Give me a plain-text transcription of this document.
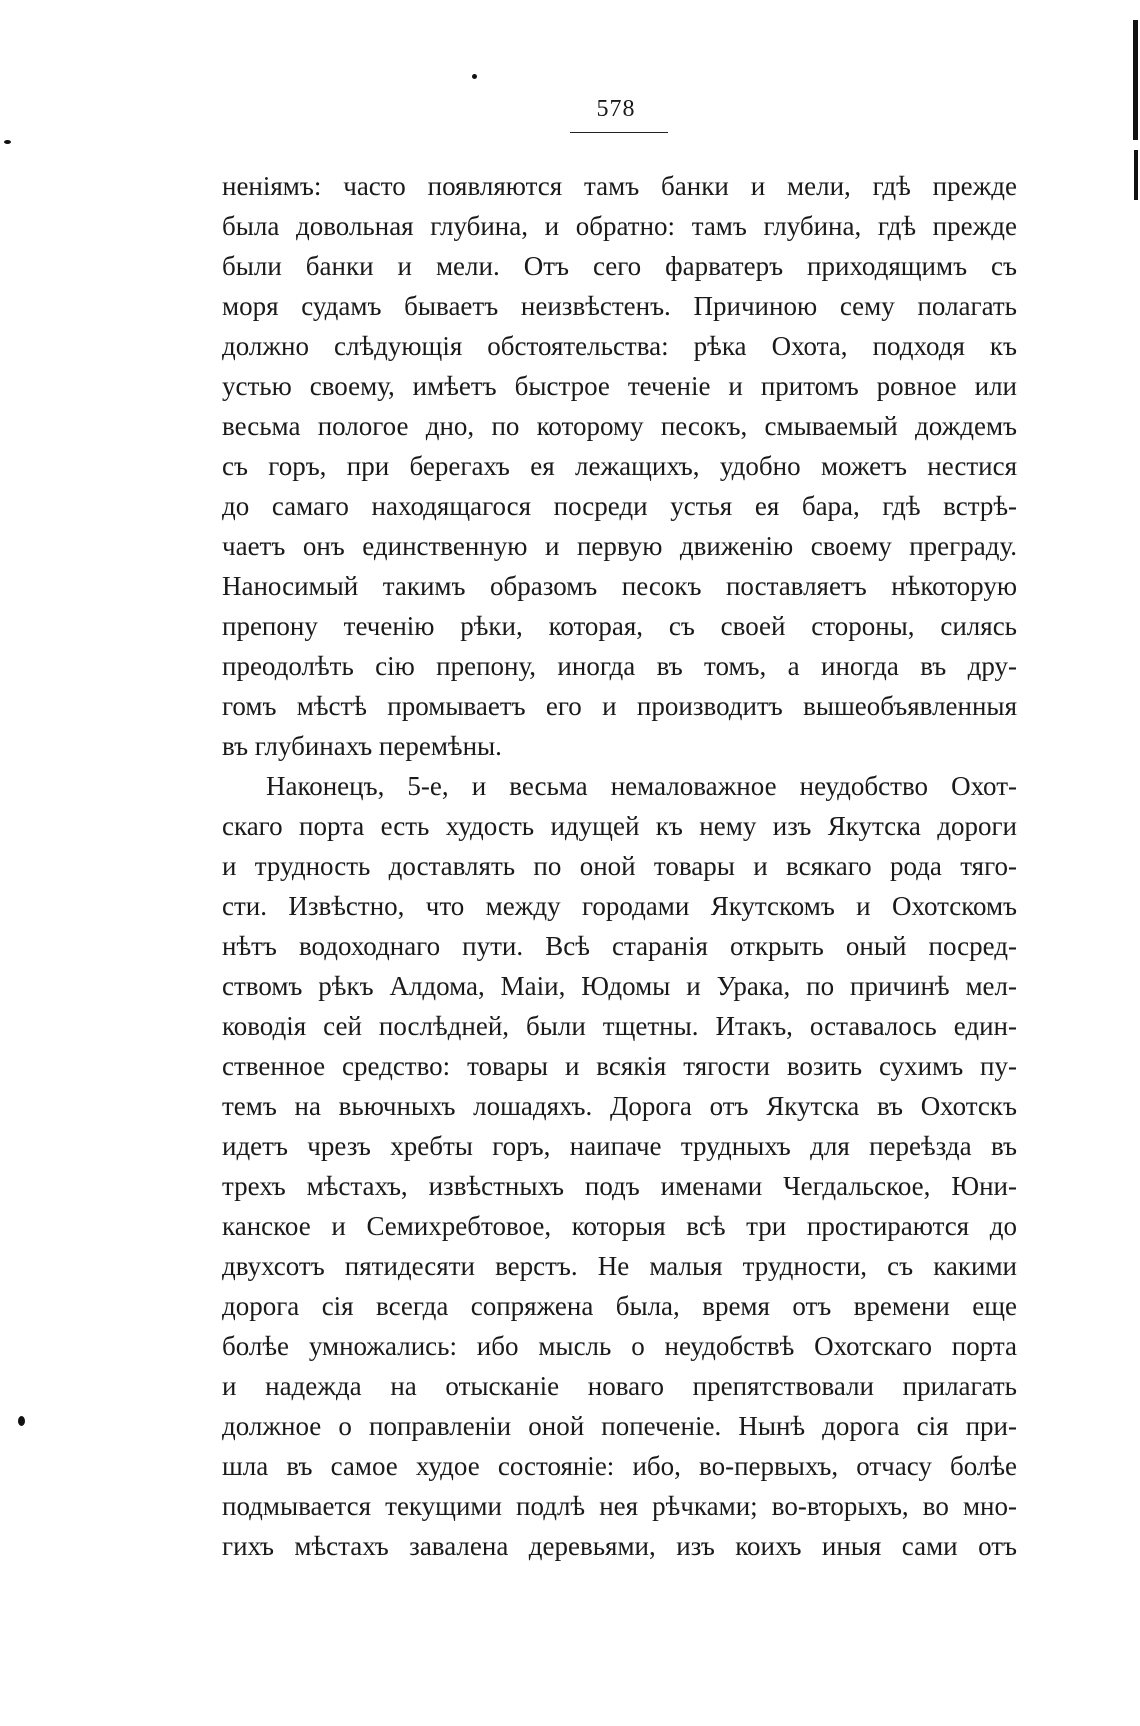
578
неніямъ: часто появляются тамъ банки и мели, гдѣ прежде
была довольная глубина, и обратно: тамъ глубина, гдѣ прежде
были банки и мели. Отъ сего фарватеръ приходящимъ съ
моря судамъ бываетъ неизвѣстенъ. Причиною сему полагать
должно слѣдующія обстоятельства: рѣка Охота, подходя къ
устью своему, имѣетъ быстрое теченіе и притомъ ровное или
весьма пологое дно, по которому песокъ, смываемый дождемъ
съ горъ, при берегахъ ея лежащихъ, удобно можетъ нестися
до самаго находящагося посреди устья ея бара, гдѣ встрѣ-
чаетъ онъ единственную и первую движенію своему преграду.
Наносимый такимъ образомъ песокъ поставляетъ нѣкоторую
препону теченію рѣки, которая, съ своей стороны, силясь
преодолѣть сію препону, иногда въ томъ, а иногда въ дру-
гомъ мѣстѣ промываетъ его и производитъ вышеобъявленныя
въ глубинахъ перемѣны.
Наконецъ, 5-е, и весьма немаловажное неудобство Охот-
скаго порта есть худость идущей къ нему изъ Якутска дороги
и трудность доставлять по оной товары и всякаго рода тяго-
сти. Извѣстно, что между городами Якутскомъ и Охотскомъ
нѣтъ водоходнаго пути. Всѣ старанія открыть оный посред-
ствомъ рѣкъ Алдома, Маіи, Юдомы и Урака, по причинѣ мел-
ководія сей послѣдней, были тщетны. Итакъ, оставалось един-
ственное средство: товары и всякія тягости возить сухимъ пу-
темъ на вьючныхъ лошадяхъ. Дорога отъ Якутска въ Охотскъ
идетъ чрезъ хребты горъ, наипаче трудныхъ для переѣзда въ
трехъ мѣстахъ, извѣстныхъ подъ именами Чегдальское, Юни-
канское и Семихребтовое, которыя всѣ три простираются до
двухсотъ пятидесяти верстъ. Не малыя трудности, съ какими
дорога сія всегда сопряжена была, время отъ времени еще
болѣе умножались: ибо мысль о неудобствѣ Охотскаго порта
и надежда на отысканіе новаго препятствовали прилагать
должное о поправленіи оной попеченіе. Нынѣ дорога сія при-
шла въ самое худое состояніе: ибо, во-первыхъ, отчасу болѣе
подмывается текущими подлѣ нея рѣчками; во-вторыхъ, во мно-
гихъ мѣстахъ завалена деревьями, изъ коихъ иныя сами отъ
